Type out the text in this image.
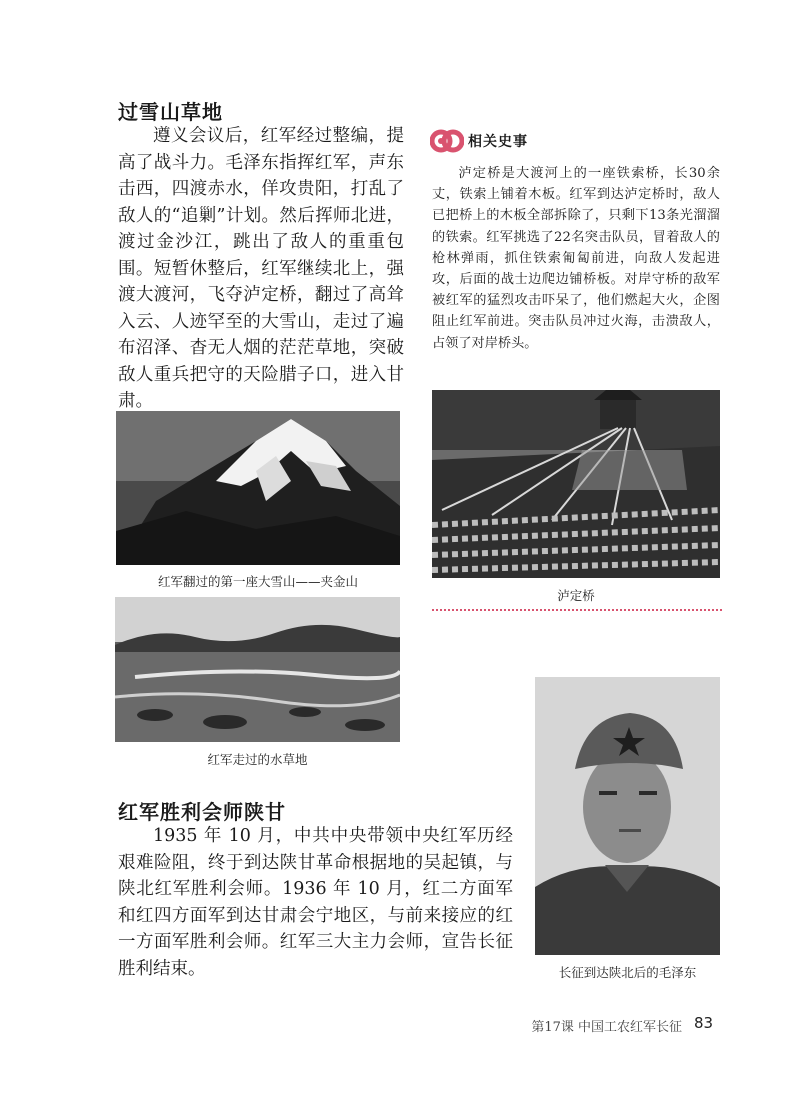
过雪山草地

遵义会议后，红军经过整编，提高了战斗力。毛泽东指挥红军，声东击西，四渡赤水，佯攻贵阳，打乱了敌人的“追剿”计划。然后挥师北进，渡过金沙江，跳出了敌人的重重包围。短暂休整后，红军继续北上，强渡大渡河，飞夺泸定桥，翻过了高耸入云、人迹罕至的大雪山，走过了遍布沼泽、杳无人烟的茫茫草地，突破敌人重兵把守的天险腊子口，进入甘肃。

相关史事

泸定桥是大渡河上的一座铁索桥，长30余丈，铁索上铺着木板。红军到达泸定桥时，敌人已把桥上的木板全部拆除了，只剩下13条光溜溜的铁索。红军挑选了22名突击队员，冒着敌人的枪林弹雨，抓住铁索匍匐前进，向敌人发起进攻，后面的战士边爬边铺桥板。对岸守桥的敌军被红军的猛烈攻击吓呆了，他们燃起大火，企图阻止红军前进。突击队员冲过火海，击溃敌人，占领了对岸桥头。

泸定桥
红军翻过的第一座大雪山——夹金山
红军走过的水草地
长征到达陕北后的毛泽东
红军胜利会师陕甘

1935 年 10 月，中共中央带领中央红军历经艰难险阻，终于到达陕甘革命根据地的吴起镇，与陕北红军胜利会师。1936 年 10 月，红二方面军和红四方面军到达甘肃会宁地区，与前来接应的红一方面军胜利会师。红军三大主力会师，宣告长征胜利结束。

第17课 中国工农红军长征 83
